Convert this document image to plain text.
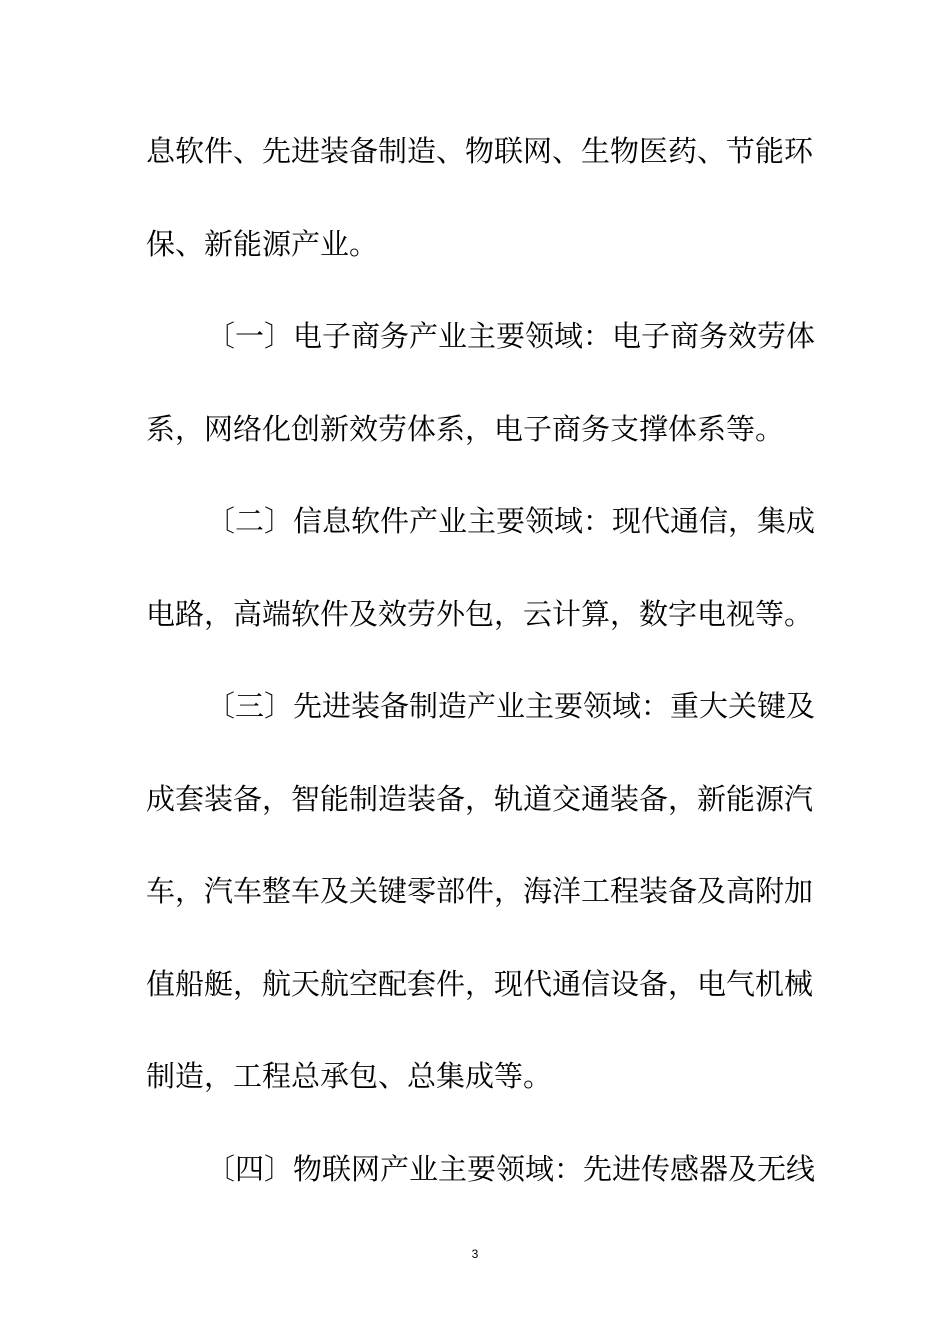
息软件、先进装备制造、物联网、生物医药、节能环
保、新能源产业。

〔一〕电子商务产业主要领域：电子商务效劳体
系，网络化创新效劳体系，电子商务支撑体系等。

〔二〕信息软件产业主要领域：现代通信，集成
电路，高端软件及效劳外包，云计算，数字电视等。

〔三〕先进装备制造产业主要领域：重大关键及
成套装备，智能制造装备，轨道交通装备，新能源汽
车，汽车整车及关键零部件，海洋工程装备及高附加
值船艇，航天航空配套件，现代通信设备，电气机械
制造，工程总承包、总集成等。

〔四〕物联网产业主要领域：先进传感器及无线

3
